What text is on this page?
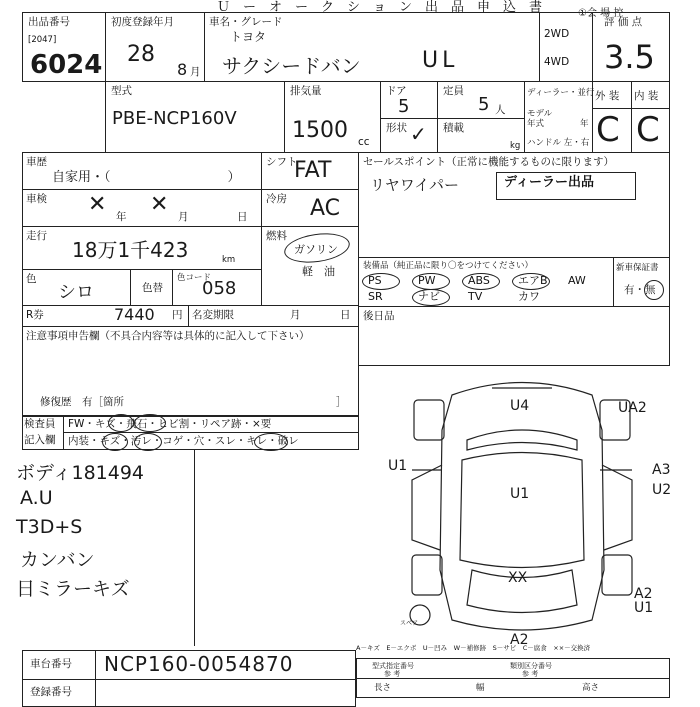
Ｕ　ー　オ　ー　ク　シ　ョ　ン　出　品　申　込　書	①会 場 控
出品番号
[2047]
6024
初度登録年月
28
8 月
車名・グレード
トヨタ
サクシードバン	UL
2WD
4WD
評 価 点
3.5
型式
PBE-NCP160V
排気量
1500 cc
ドア
5
形状 ✓
定員
5 人
積載
kg
ディーラー・並行
モデル年式	年
ハンドル 左・右
外 装 内 装
C C
車歴
自家用・（　　　　　　　　　）
シフト
FAT
車検 ✕ 年 ✕ 月	日
冷房 AC
走行
18万1千423	km
燃料
ガソリン
軽　油
色
シロ	色替
色コード
058
R券	7440 円 名変期限	月	日
注意事項申告欄（不具合内容等は具体的に記入して下さい）
修復歴　有［箇所	］
セールスポイント（正常に機能するものに限ります）
リヤワイパー	ディーラー出品
装備品（純正品に限り〇をつけてください）
PS	PW	ABS	エアB AW
SR	ナビ	TV	カワ
新車保証書
有・無
後日品
検査員
記入欄
FW・キズ・飛石・ヒビ割・リペア跡・×要
内装・キズ・汚レ・コゲ・穴・スレ・キレ・破レ
ボディ181494
A.U
T3D+S
カンバン
日ミラーキズ
U4	UA2
U1
U1
A3
U2
XX
A2
U1
A2
スペア
A－キズ　E－エクボ　U－凹み　W－補修跡　S－サビ　C－腐食　××－交換済
車台番号 NCP160-0054870
登録番号
型式指定番号
参 考
類別区分番号
参 考
長さ	幅	高さ
